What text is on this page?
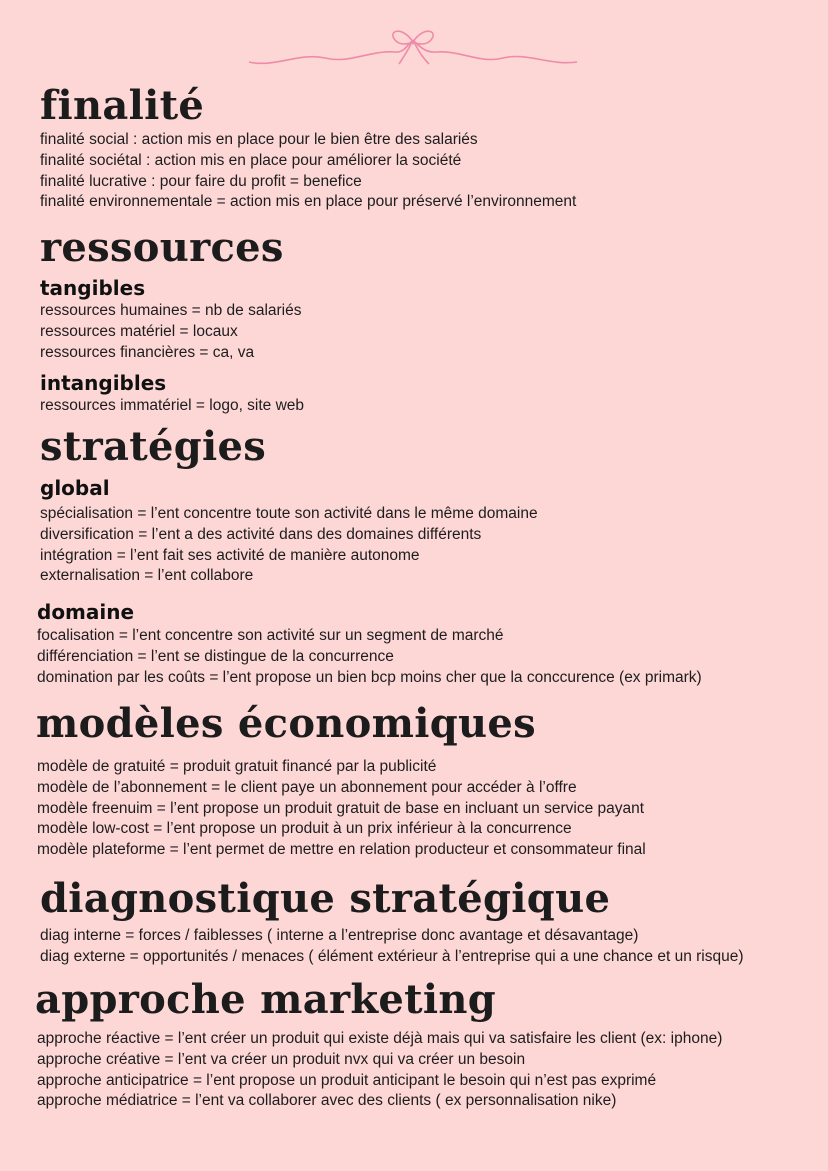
finalité
finalité social : action mis en place pour le bien être des salariés
finalité sociétal : action mis en place pour améliorer la société
finalité lucrative : pour faire du profit = benefice
finalité environnementale = action mis en place pour préservé l’environnement
ressources
tangibles
ressources humaines = nb de salariés
ressources matériel = locaux
ressources financières = ca, va
intangibles
ressources immatériel = logo, site web
stratégies
global
spécialisation = l’ent concentre toute son activité dans le même domaine
diversification = l’ent a des activité dans des domaines différents
intégration = l’ent fait ses activité de manière autonome
externalisation = l’ent collabore
domaine
focalisation = l’ent concentre son activité sur un segment de marché
différenciation = l’ent se distingue de la concurrence
domination par les coûts = l’ent propose un bien bcp moins cher que la conccurence (ex primark)
modèles économiques
modèle de gratuité = produit gratuit financé par la publicité
modèle de l’abonnement = le client paye un abonnement pour accéder à l’offre
modèle freenuim = l’ent propose un produit gratuit de base en incluant un service payant
modèle low-cost = l’ent propose un produit à un prix inférieur à la concurrence
modèle plateforme = l’ent permet de mettre en relation producteur et consommateur final
diagnostique stratégique
diag interne = forces / faiblesses ( interne a l’entreprise donc avantage et désavantage)
diag externe = opportunités / menaces ( élément extérieur à l’entreprise qui a une chance et un risque)
approche marketing
approche réactive = l’ent créer un produit qui existe déjà mais qui va satisfaire les client (ex: iphone)
approche créative = l’ent va créer un produit nvx qui va créer un besoin
approche anticipatrice = l’ent propose un produit anticipant le besoin qui n’est pas exprimé
approche médiatrice = l’ent va collaborer avec des clients ( ex personnalisation nike)
